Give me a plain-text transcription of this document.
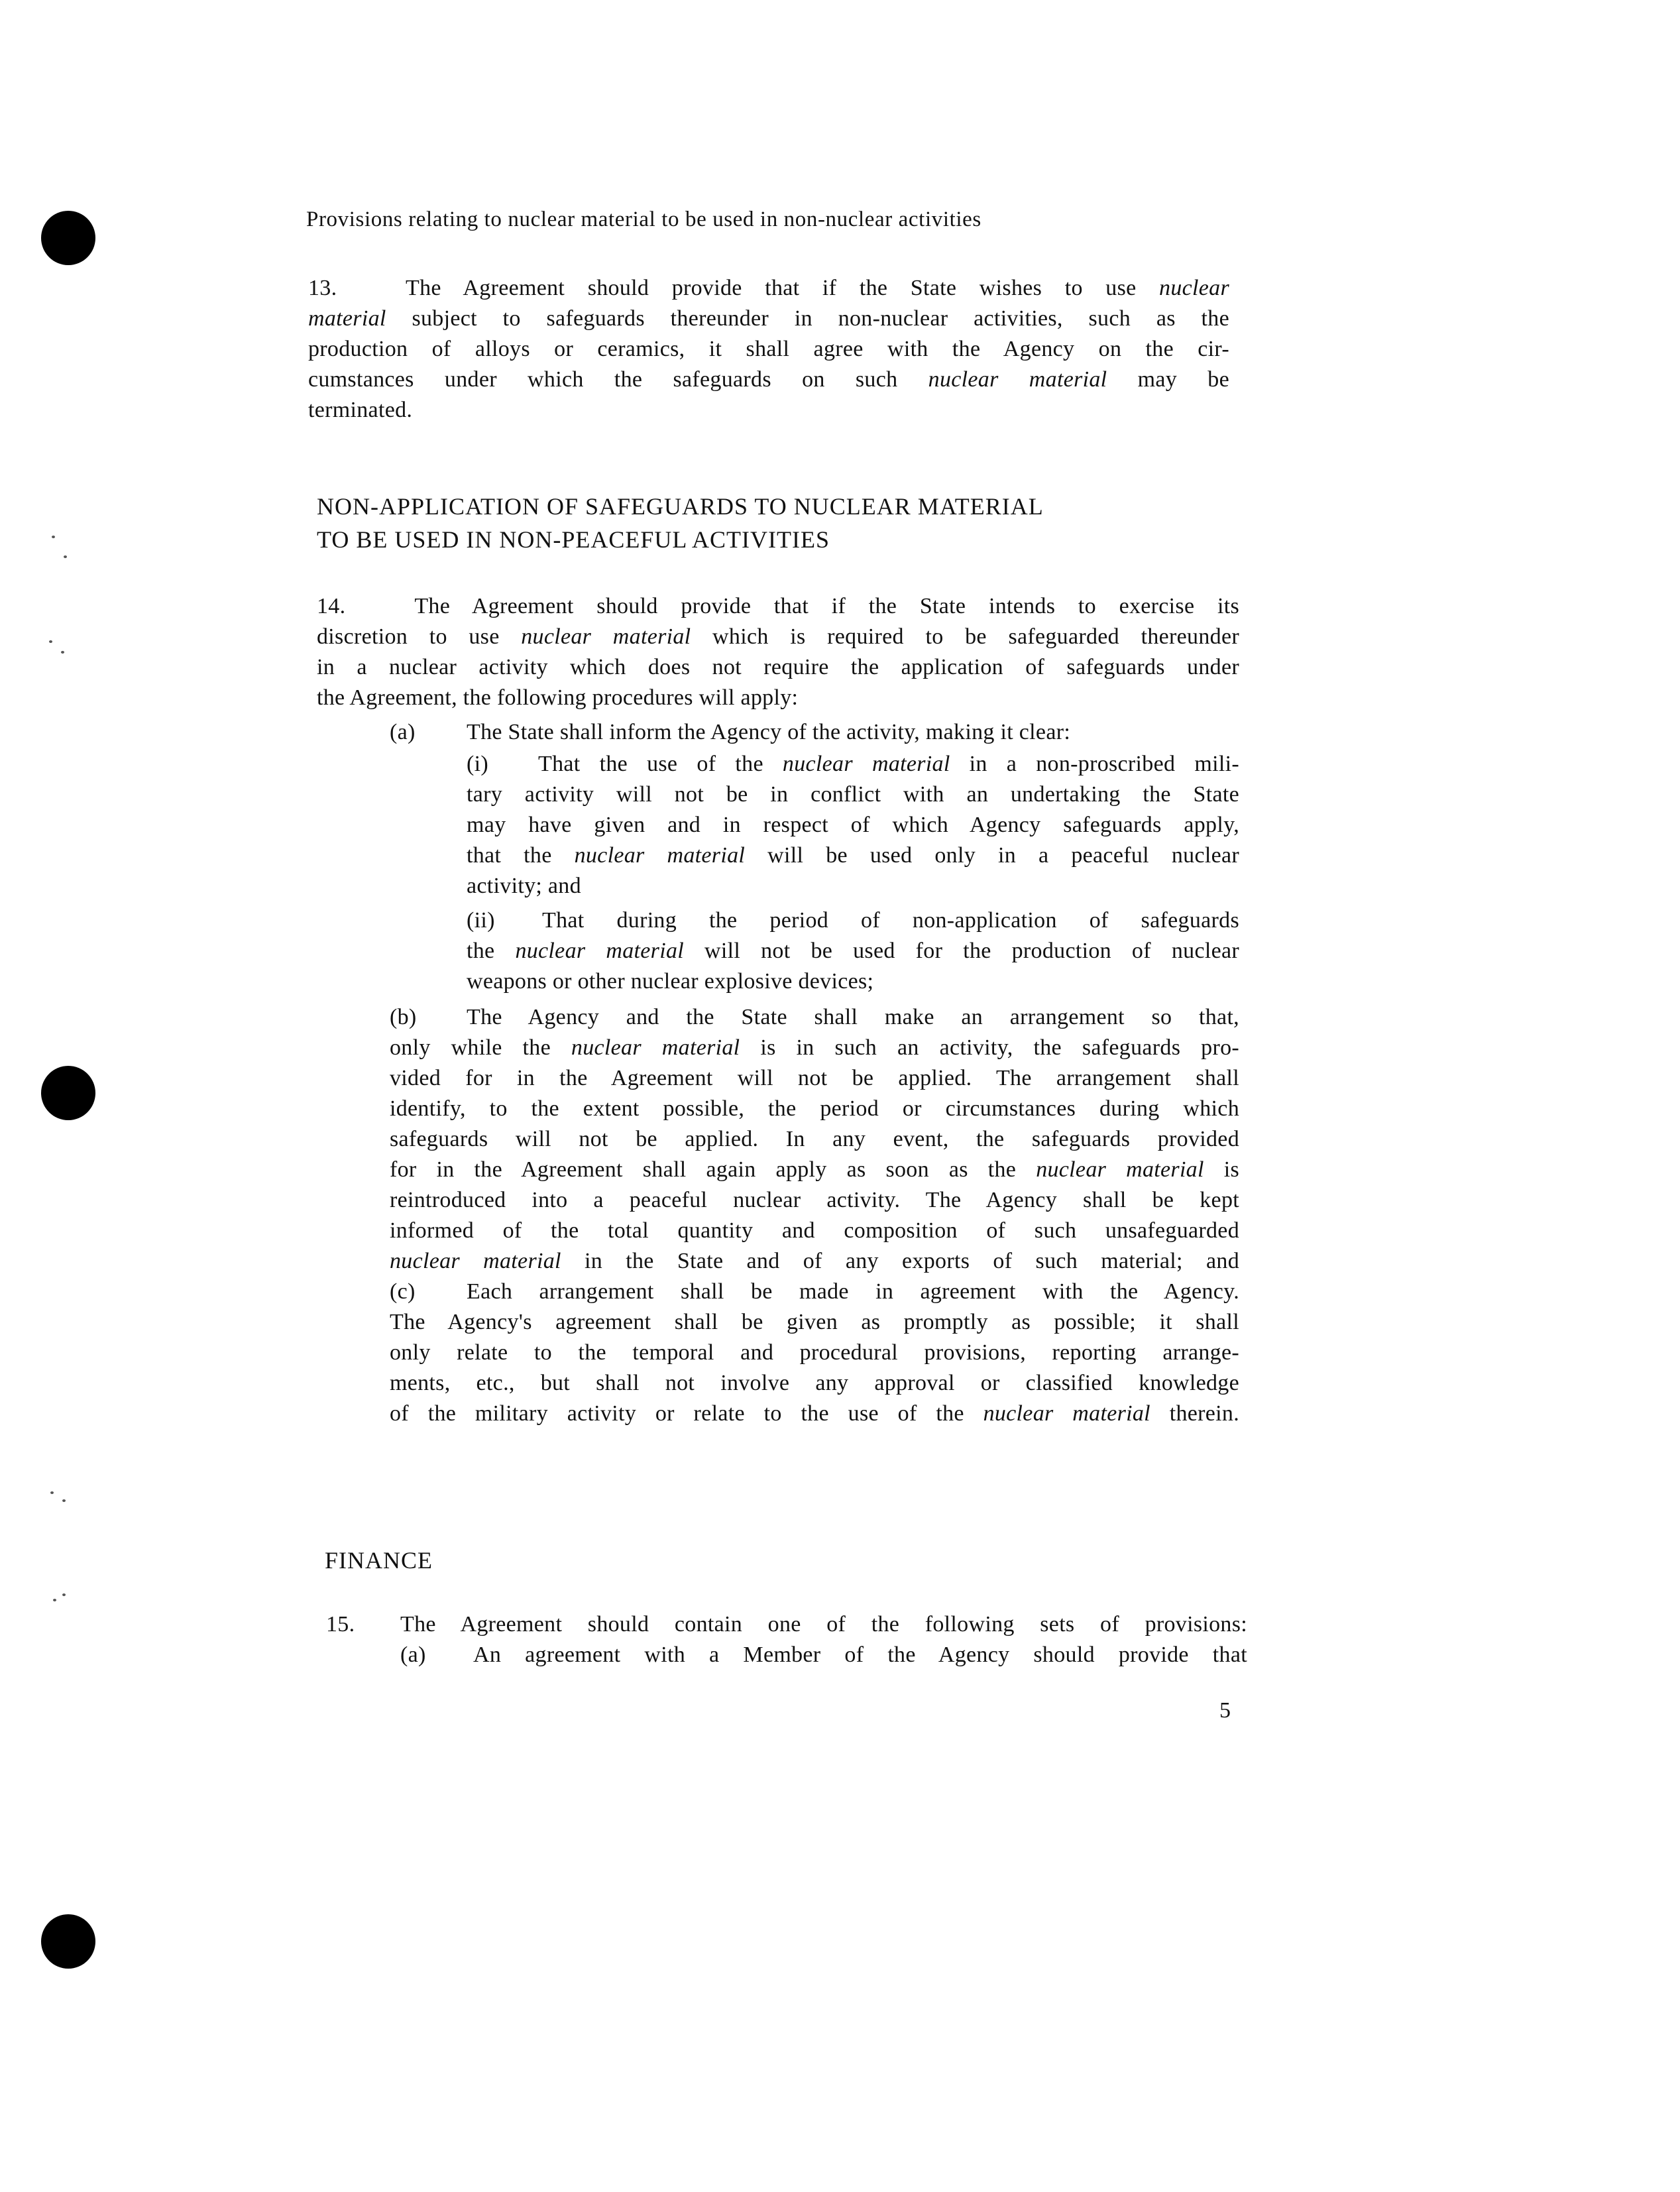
Provisions relating to nuclear material to be used in non-nuclear activities
13.	The Agreement should provide that if the State wishes to use nuclear
material subject to safeguards thereunder in non-nuclear activities, such as the
production of alloys or ceramics, it shall agree with the Agency on the cir-
cumstances under which the safeguards on such nuclear material may be
terminated.
NON-APPLICATION OF SAFEGUARDS TO NUCLEAR MATERIAL
TO BE USED IN NON-PEACEFUL ACTIVITIES
14.	The Agreement should provide that if the State intends to exercise its
discretion to use nuclear material which is required to be safeguarded thereunder
in a nuclear activity which does not require the application of safeguards under
the Agreement, the following procedures will apply:
(a) The State shall inform the Agency of the activity, making it clear:
(i) That the use of the nuclear material in a non-proscribed mili-
tary activity will not be in conflict with an undertaking the State
may have given and in respect of which Agency safeguards apply,
that the nuclear material will be used only in a peaceful nuclear
activity; and
(ii) That during the period of non-application of safeguards
the nuclear material will not be used for the production of nuclear
weapons or other nuclear explosive devices;
(b) The Agency and the State shall make an arrangement so that,
only while the nuclear material is in such an activity, the safeguards pro-
vided for in the Agreement will not be applied. The arrangement shall
identify, to the extent possible, the period or circumstances during which
safeguards will not be applied. In any event, the safeguards provided
for in the Agreement shall again apply as soon as the nuclear material is
reintroduced into a peaceful nuclear activity. The Agency shall be kept
informed of the total quantity and composition of such unsafeguarded
nuclear material in the State and of any exports of such material; and
(c) Each arrangement shall be made in agreement with the Agency.
The Agency's agreement shall be given as promptly as possible; it shall
only relate to the temporal and procedural provisions, reporting arrange-
ments, etc., but shall not involve any approval or classified knowledge
of the military activity or relate to the use of the nuclear material therein.
FINANCE
15. The Agreement should contain one of the following sets of provisions:
(a) An agreement with a Member of the Agency should provide that
5
